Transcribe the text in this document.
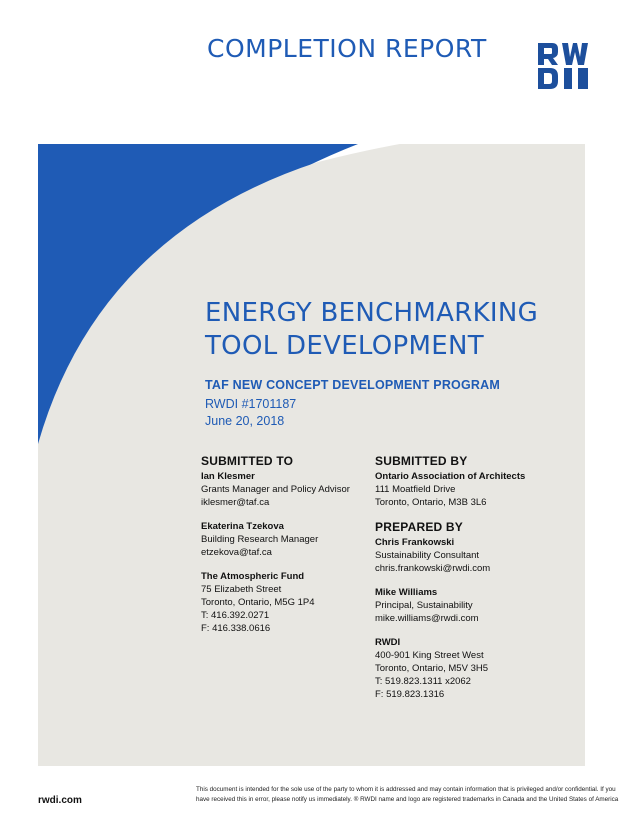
COMPLETION REPORT
ENERGY BENCHMARKING
TOOL DEVELOPMENT
TAF NEW CONCEPT DEVELOPMENT PROGRAM
RWDI #1701187
June 20, 2018
SUBMITTED TO
Ian Klesmer
Grants Manager and Policy Advisor
iklesmer@taf.ca
Ekaterina Tzekova
Building Research Manager
etzekova@taf.ca
The Atmospheric Fund
75 Elizabeth Street
Toronto, Ontario, M5G 1P4
T: 416.392.0271
F: 416.338.0616
SUBMITTED BY
Ontario Association of Architects
111 Moatfield Drive
Toronto, Ontario, M3B 3L6
PREPARED BY
Chris Frankowski
Sustainability Consultant
chris.frankowski@rwdi.com
Mike Williams
Principal, Sustainability
mike.williams@rwdi.com
RWDI
400-901 King Street West
Toronto, Ontario, M5V 3H5
T: 519.823.1311 x2062
F: 519.823.1316
rwdi.com
This document is intended for the sole use of the party to whom it is addressed and may contain information that is privileged and/or confidential. If you
have received this in error, please notify us immediately. ® RWDI name and logo are registered trademarks in Canada and the United States of America
